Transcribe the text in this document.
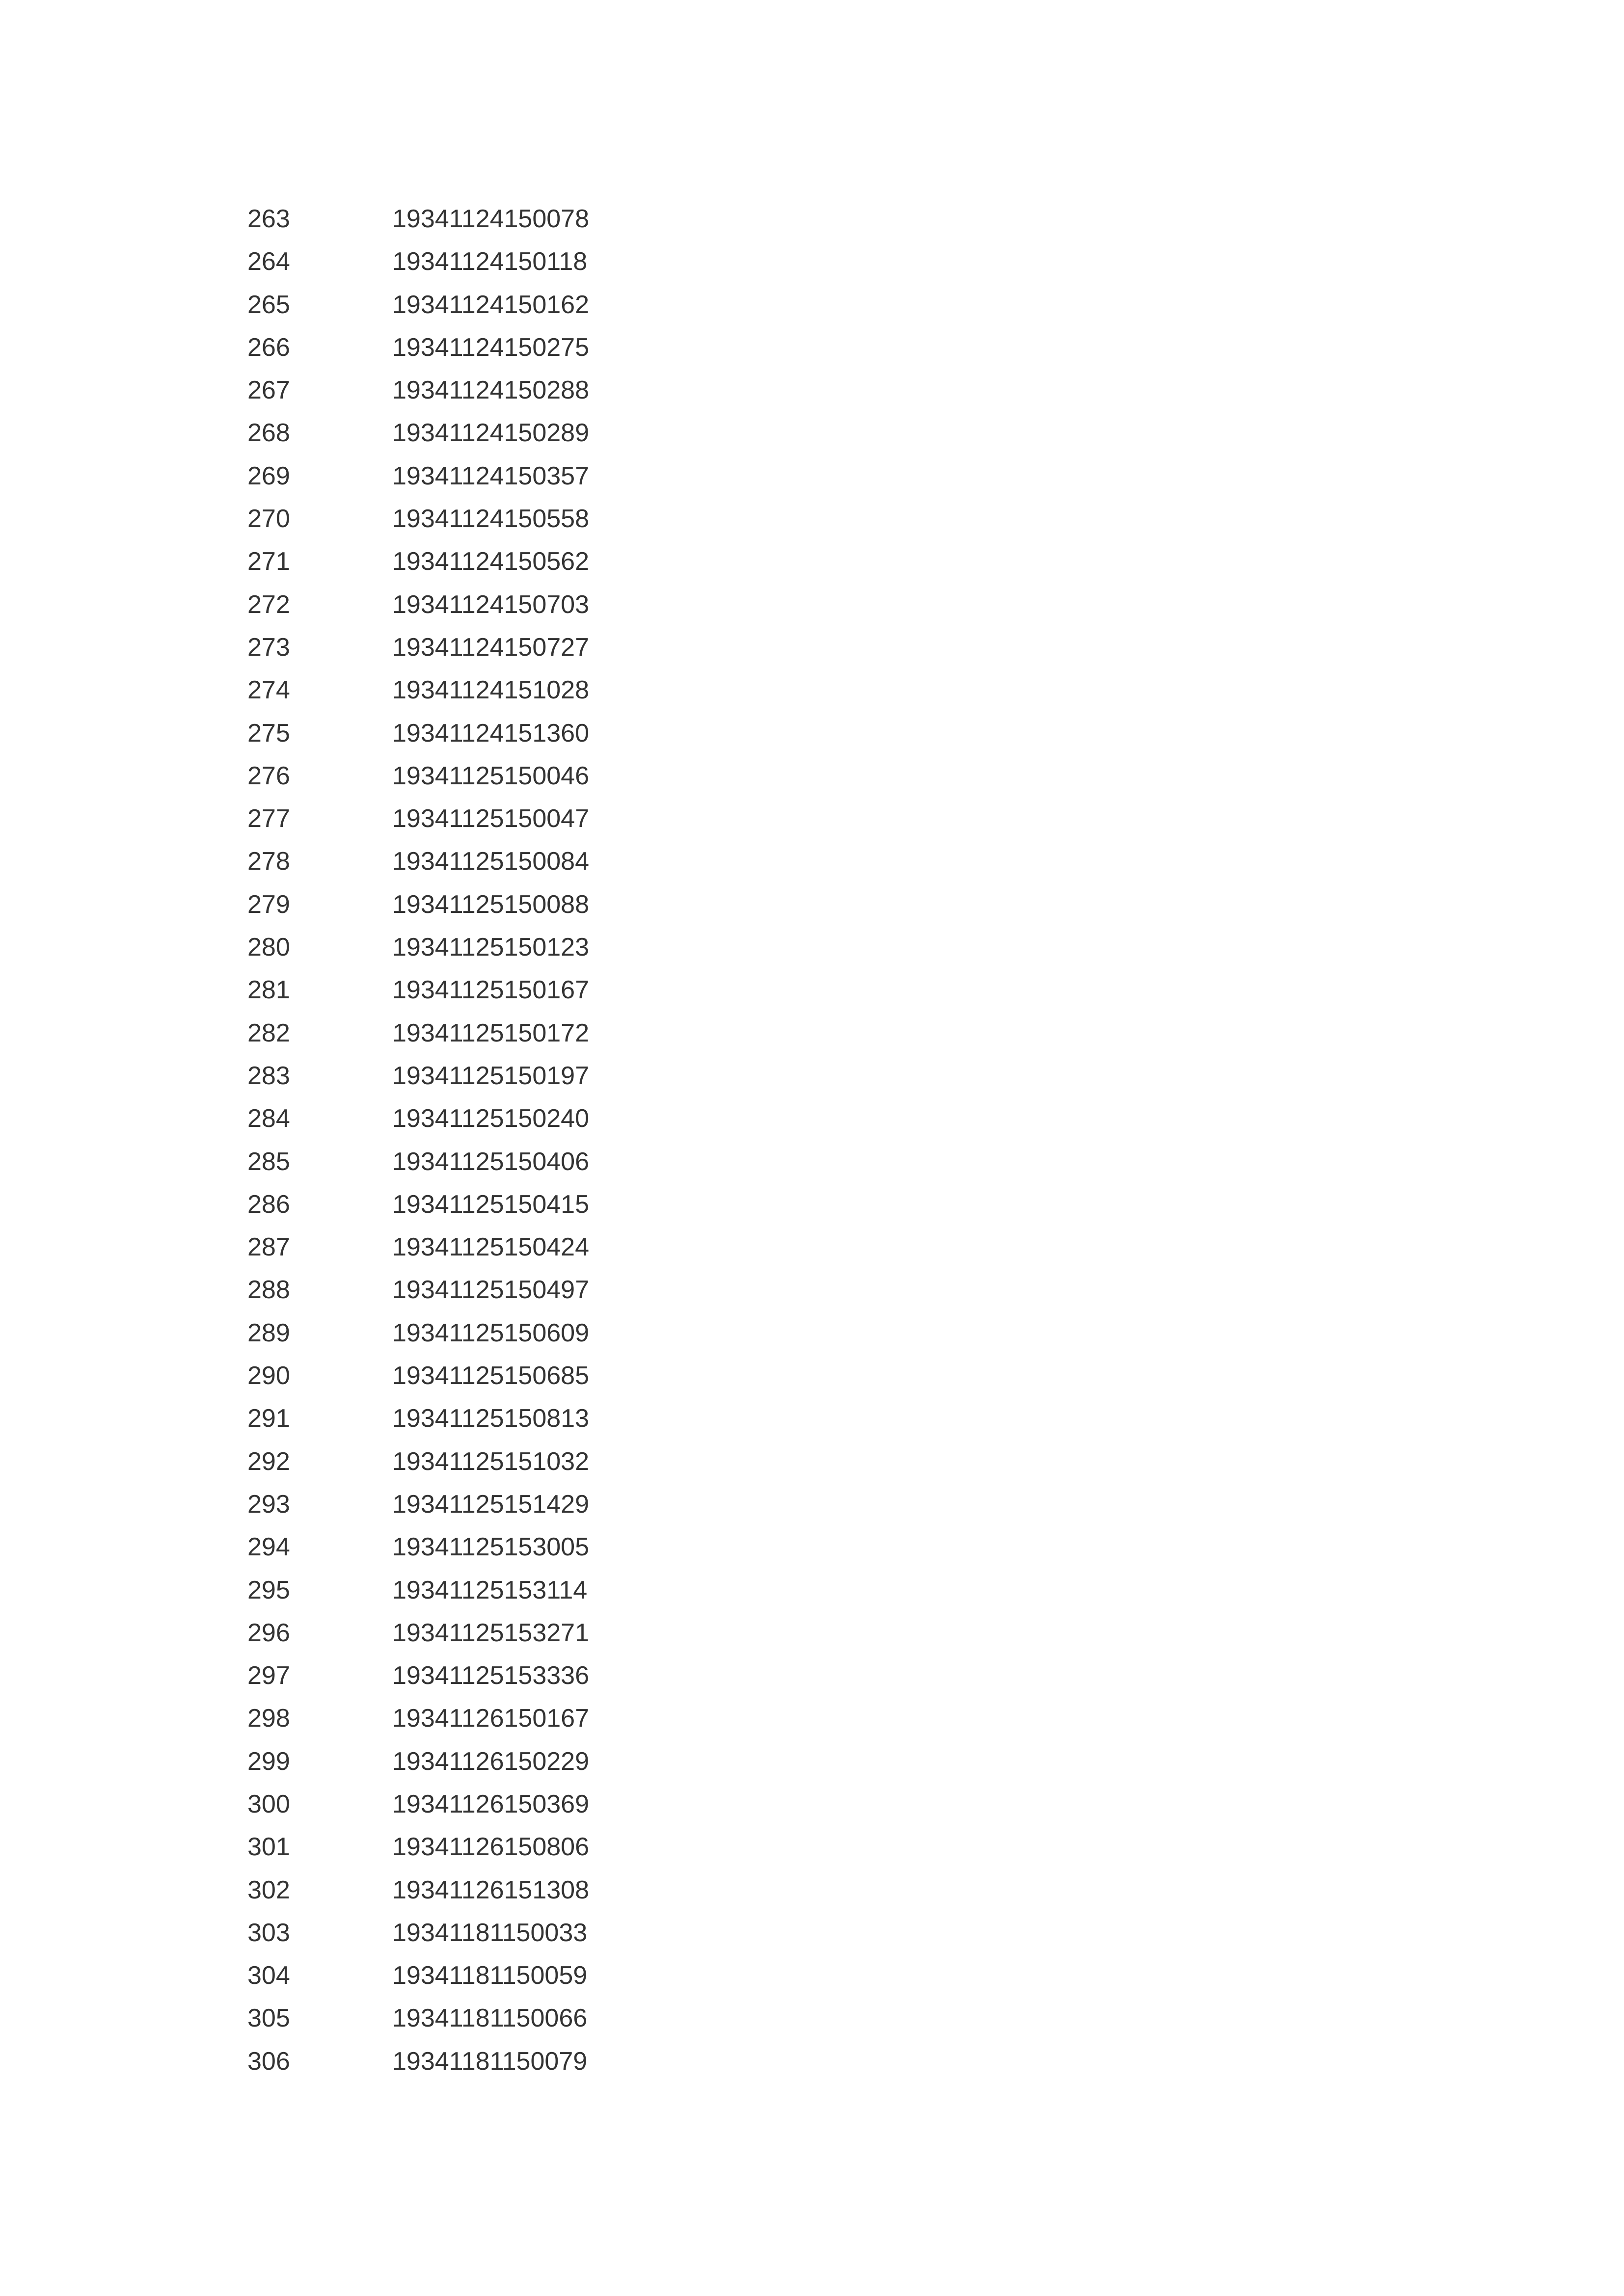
263	19341124150078
264	19341124150118
265	19341124150162
266	19341124150275
267	19341124150288
268	19341124150289
269	19341124150357
270	19341124150558
271	19341124150562
272	19341124150703
273	19341124150727
274	19341124151028
275	19341124151360
276	19341125150046
277	19341125150047
278	19341125150084
279	19341125150088
280	19341125150123
281	19341125150167
282	19341125150172
283	19341125150197
284	19341125150240
285	19341125150406
286	19341125150415
287	19341125150424
288	19341125150497
289	19341125150609
290	19341125150685
291	19341125150813
292	19341125151032
293	19341125151429
294	19341125153005
295	19341125153114
296	19341125153271
297	19341125153336
298	19341126150167
299	19341126150229
300	19341126150369
301	19341126150806
302	19341126151308
303	19341181150033
304	19341181150059
305	19341181150066
306	19341181150079
